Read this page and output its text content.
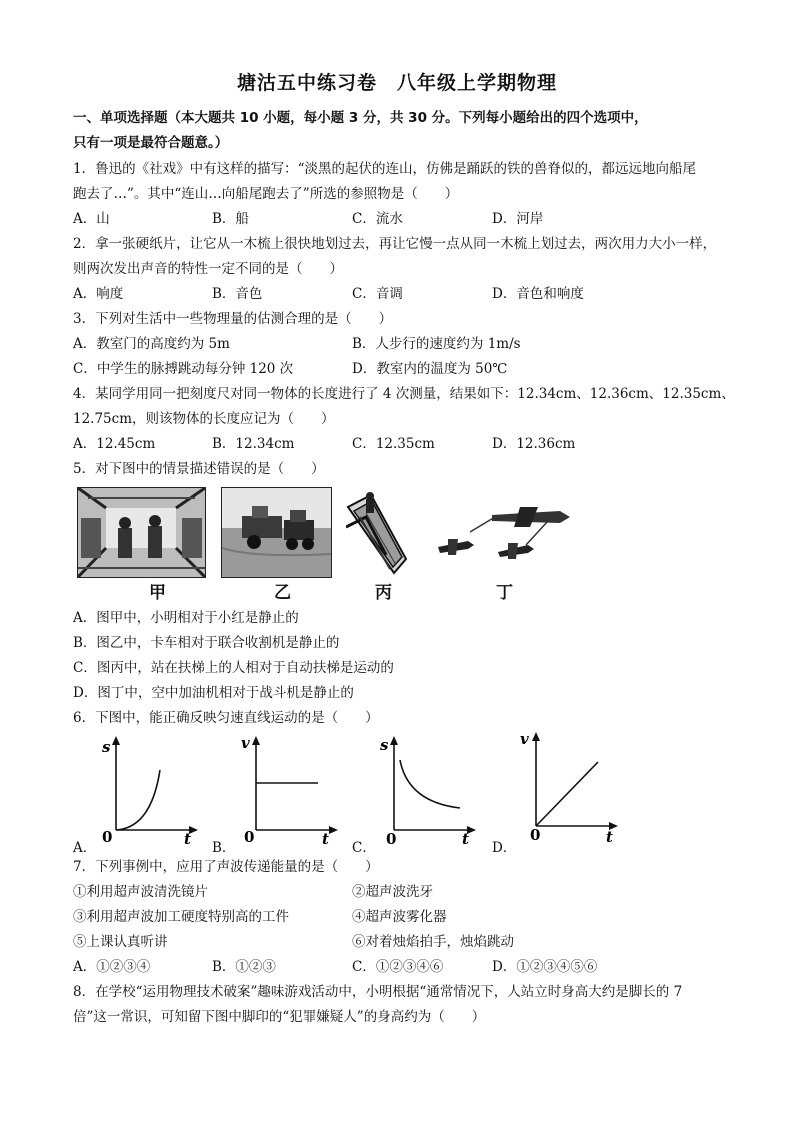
塘沽五中练习卷　八年级上学期物理
一、单项选择题（本大题共 10 小题，每小题 3 分，共 30 分。下列每小题给出的四个选项中，
只有一项是最符合题意。）
1．鲁迅的《社戏》中有这样的描写：“淡黑的起伏的连山，仿佛是踊跃的铁的兽脊似的，都远远地向船尾
跑去了…”。其中“连山…向船尾跑去了”所选的参照物是（　　）
A．山	B．船	C．流水	D．河岸
2．拿一张硬纸片，让它从一木梳上很快地划过去，再让它慢一点从同一木梳上划过去，两次用力大小一样，
则两次发出声音的特性一定不同的是（　　）
A．响度	B．音色	C．音调	D．音色和响度
3．下列对生活中一些物理量的估测合理的是（　　）
A．教室门的高度约为 5m	B．人步行的速度约为 1m/s
C．中学生的脉搏跳动每分钟 120 次	D．教室内的温度为 50℃
4．某同学用同一把刻度尺对同一物体的长度进行了 4 次测量，结果如下：12.34cm、12.36cm、12.35cm、
12.75cm，则该物体的长度应记为（　　）
A．12.45cm	B．12.34cm	C．12.35cm	D．12.36cm
5．对下图中的情景描述错误的是（　　）
甲	乙	丙	丁
A．图甲中，小明相对于小红是静止的
B．图乙中，卡车相对于联合收割机是静止的
C．图丙中，站在扶梯上的人相对于自动扶梯是运动的
D．图丁中，空中加油机相对于战斗机是静止的
6．下图中，能正确反映匀速直线运动的是（　　）
A．
s
t
0
B．
v
t
0
C．
s
t
0	D．
v
t
0
7．下列事例中，应用了声波传递能量的是（　　）
①利用超声波清洗镜片	②超声波洗牙
③利用超声波加工硬度特别高的工件	④超声波雾化器
⑤上课认真听讲	⑥对着烛焰拍手，烛焰跳动
A．①②③④	B．①②③	C．①②③④⑥	D．①②③④⑤⑥
8．在学校“运用物理技术破案”趣味游戏活动中，小明根据“通常情况下，人站立时身高大约是脚长的 7
倍”这一常识，可知留下图中脚印的“犯罪嫌疑人”的身高约为（　　）
